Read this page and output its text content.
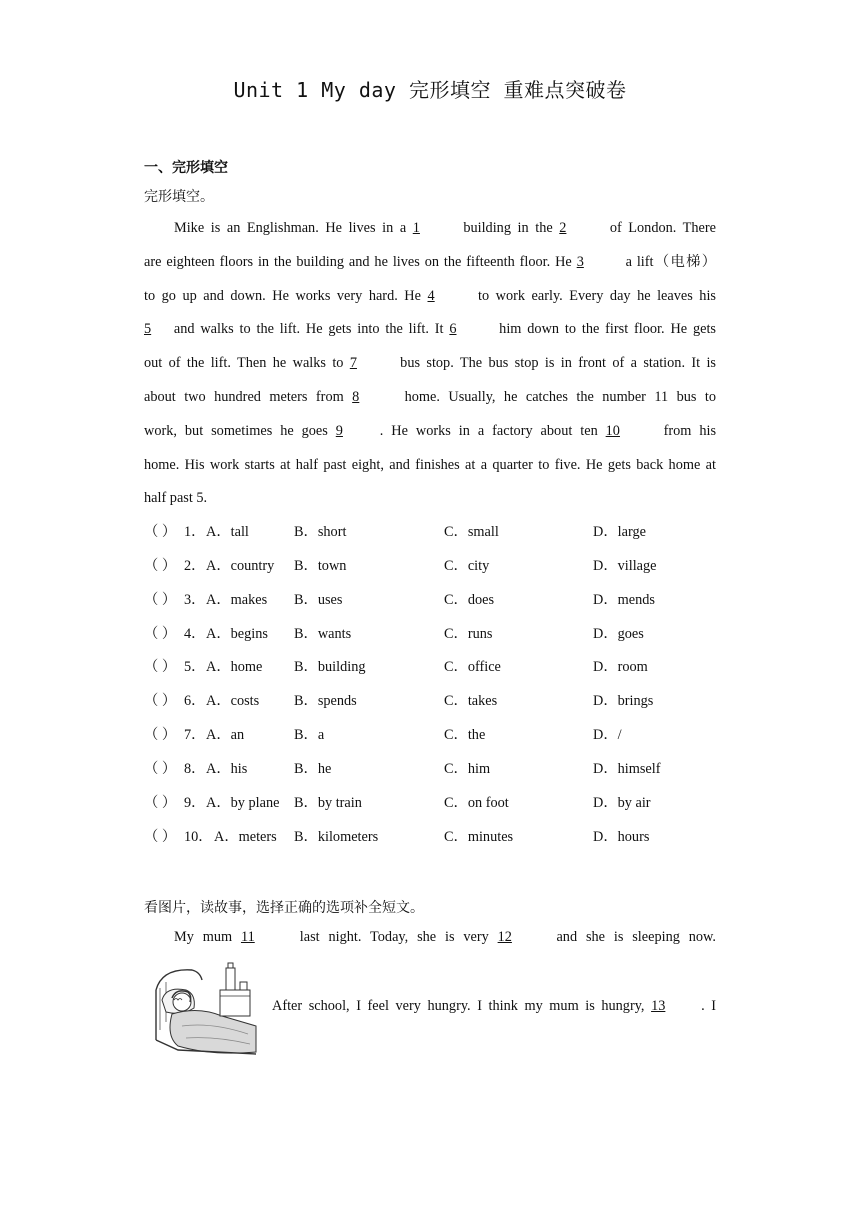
Unit 1 My day 完形填空 重难点突破卷
一、完形填空
完形填空。
Mike is an Englishman. He lives in a 1	building in the 2	of London. There
are eighteen floors in the building and he lives on the fifteenth floor. He 3	a lift（电梯）
to go up and down. He works very hard. He 4	to work early. Every day he leaves his
5 and walks to the lift. He gets into the lift. It 6	him down to the first floor. He gets
out of the lift. Then he walks to 7	bus stop. The bus stop is in front of a station. It is
about two hundred meters from 8	home. Usually, he catches the number 11 bus to
work, but sometimes he goes 9	. He works in a factory about ten 10 from his
home. His work starts at half past eight, and finishes at a quarter to five. He gets back home at
half past 5.
（ ） 1． A．tall	B．short	C．small	D．large
（ ） 2． A．country B．town	C．city	D．village
（ ） 3． A．makes B．uses	C．does	D．mends
（ ） 4． A．begins B．wants	C．runs	D．goes
（ ） 5． A．home B．building	C．office	D．room
（ ） 6． A．costs B．spends	C．takes	D．brings
（ ） 7． A．an	B．a	C．the	D．/
（ ） 8． A．his	B．he	C．him	D．himself
（ ） 9． A．by plane B．by train	C．on foot	D．by air
（ ） 10． A．meters B．kilometers	C．minutes	D．hours
看图片，读故事，选择正确的选项补全短文。
My mum 11	last night. Today, she is very 12 and she is sleeping now.
After school, I feel very hungry. I think my mum is hungry, 13 . I
